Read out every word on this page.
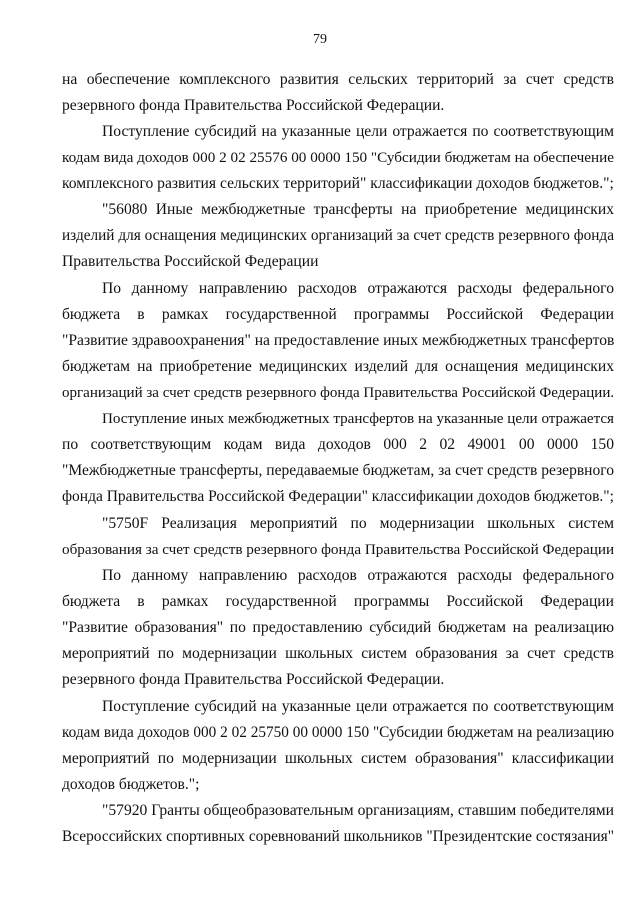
79
на обеспечение комплексного развития сельских территорий за счет средств
резервного фонда Правительства Российской Федерации.
Поступление субсидий на указанные цели отражается по соответствующим
кодам вида доходов 000 2 02 25576 00 0000 150 "Субсидии бюджетам на обеспечение
комплексного развития сельских территорий" классификации доходов бюджетов.";
"56080 Иные межбюджетные трансферты на приобретение медицинских
изделий для оснащения медицинских организаций за счет средств резервного фонда
Правительства Российской Федерации
По данному направлению расходов отражаются расходы федерального
бюджета в рамках государственной программы Российской Федерации
"Развитие здравоохранения" на предоставление иных межбюджетных трансфертов
бюджетам на приобретение медицинских изделий для оснащения медицинских
организаций за счет средств резервного фонда Правительства Российской Федерации.
Поступление иных межбюджетных трансфертов на указанные цели отражается
по соответствующим кодам вида доходов 000 2 02 49001 00 0000 150
"Межбюджетные трансферты, передаваемые бюджетам, за счет средств резервного
фонда Правительства Российской Федерации" классификации доходов бюджетов.";
"5750F Реализация мероприятий по модернизации школьных систем
образования за счет средств резервного фонда Правительства Российской Федерации
По данному направлению расходов отражаются расходы федерального
бюджета в рамках государственной программы Российской Федерации
"Развитие образования" по предоставлению субсидий бюджетам на реализацию
мероприятий по модернизации школьных систем образования за счет средств
резервного фонда Правительства Российской Федерации.
Поступление субсидий на указанные цели отражается по соответствующим
кодам вида доходов 000 2 02 25750 00 0000 150 "Субсидии бюджетам на реализацию
мероприятий по модернизации школьных систем образования" классификации
доходов бюджетов.";
"57920 Гранты общеобразовательным организациям, ставшим победителями
Всероссийских спортивных соревнований школьников "Президентские состязания"
